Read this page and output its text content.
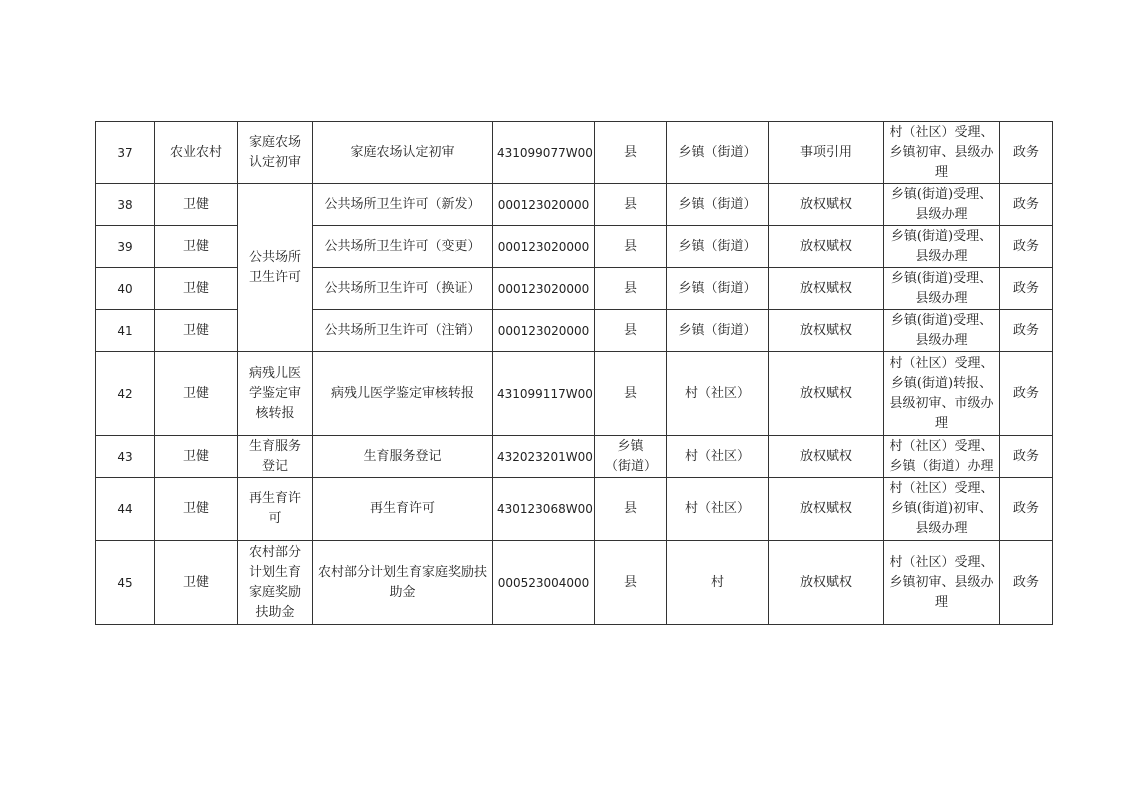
37	农业农村	家庭农场认定初审	家庭农场认定初审	431099077W00	县	乡镇（街道）	事项引用	村（社区）受理、乡镇初审、县级办理	政务
38	卫健	公共场所卫生许可	公共场所卫生许可（新发）	000123020000	县	乡镇（街道）	放权赋权	乡镇(街道)受理、县级办理	政务
39	卫健		公共场所卫生许可（变更）	000123020000	县	乡镇（街道）	放权赋权	乡镇(街道)受理、县级办理	政务
40	卫健		公共场所卫生许可（换证）	000123020000	县	乡镇（街道）	放权赋权	乡镇(街道)受理、县级办理	政务
41	卫健		公共场所卫生许可（注销）	000123020000	县	乡镇（街道）	放权赋权	乡镇(街道)受理、县级办理	政务
42	卫健	病残儿医学鉴定审核转报	病残儿医学鉴定审核转报	431099117W00	县	村（社区）	放权赋权	村（社区）受理、乡镇(街道)转报、县级初审、市级办理	政务
43	卫健	生育服务登记	生育服务登记	432023201W00	乡镇（街道）	村（社区）	放权赋权	村（社区）受理、乡镇（街道）办理	政务
44	卫健	再生育许可	再生育许可	430123068W00	县	村（社区）	放权赋权	村（社区）受理、乡镇(街道)初审、县级办理	政务
45	卫健	农村部分计划生育家庭奖励扶助金	农村部分计划生育家庭奖励扶助金	000523004000	县	村	放权赋权	村（社区）受理、乡镇初审、县级办理	政务
